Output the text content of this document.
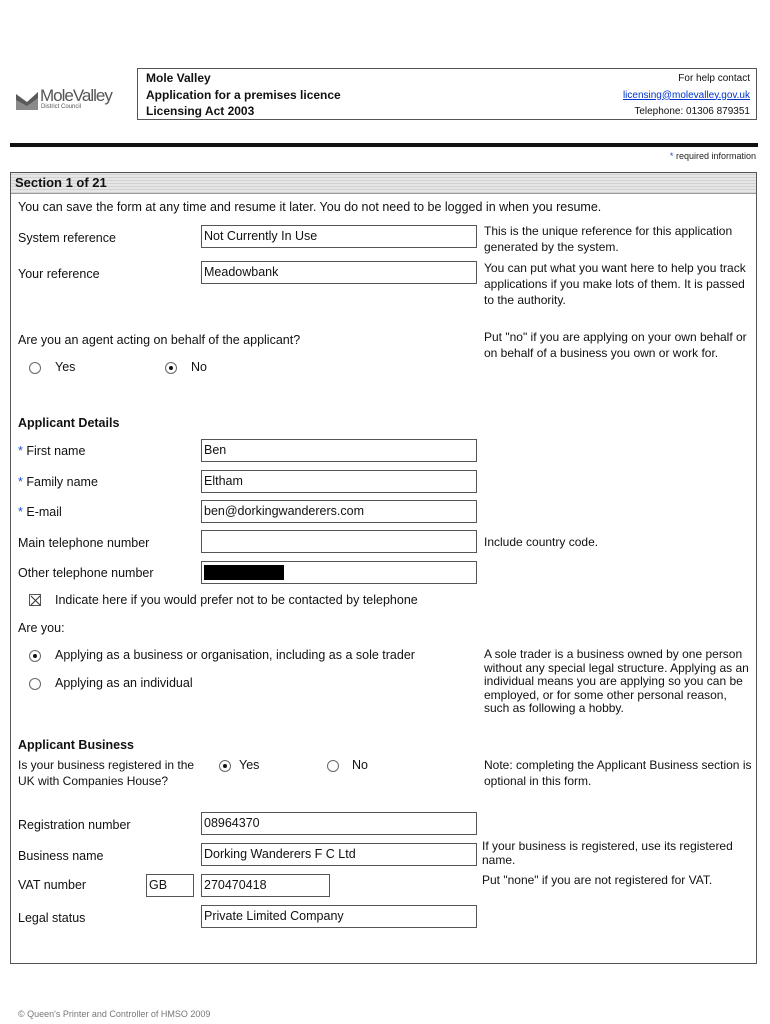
MoleValley
District Council
Mole Valley
Application for a premises licence
Licensing Act 2003
For help contact
licensing@molevalley.gov.uk
Telephone: 01306 879351
* required information
Section 1 of 21
You can save the form at any time and resume it later. You do not need to be logged in when you resume.
System reference	Not Currently In Use	This is the unique reference for this application generated by the system.
Your reference	Meadowbank	You can put what you want here to help you track applications if you make lots of them. It is passed to the authority.
Are you an agent acting on behalf of the applicant?
Yes	No
Put "no" if you are applying on your own behalf or on behalf of a business you own or work for.
Applicant Details
* First name	Ben
* Family name	Eltham
* E-mail	ben@dorkingwanderers.com
Main telephone number	Include country code.
Other telephone number
Indicate here if you would prefer not to be contacted by telephone
Are you:
Applying as a business or organisation, including as a sole trader
Applying as an individual
A sole trader is a business owned by one person without any special legal structure. Applying as an individual means you are applying so you can be employed, or for some other personal reason, such as following a hobby.
Applicant Business
Is your business registered in the UK with Companies House?
Yes	No	Note: completing the Applicant Business section is optional in this form.
Registration number	08964370
Business name	Dorking Wanderers F C Ltd
If your business is registered, use its registered name.
VAT number	GB	270470418	Put "none" if you are not registered for VAT.
Legal status	Private Limited Company
© Queen's Printer and Controller of HMSO 2009
